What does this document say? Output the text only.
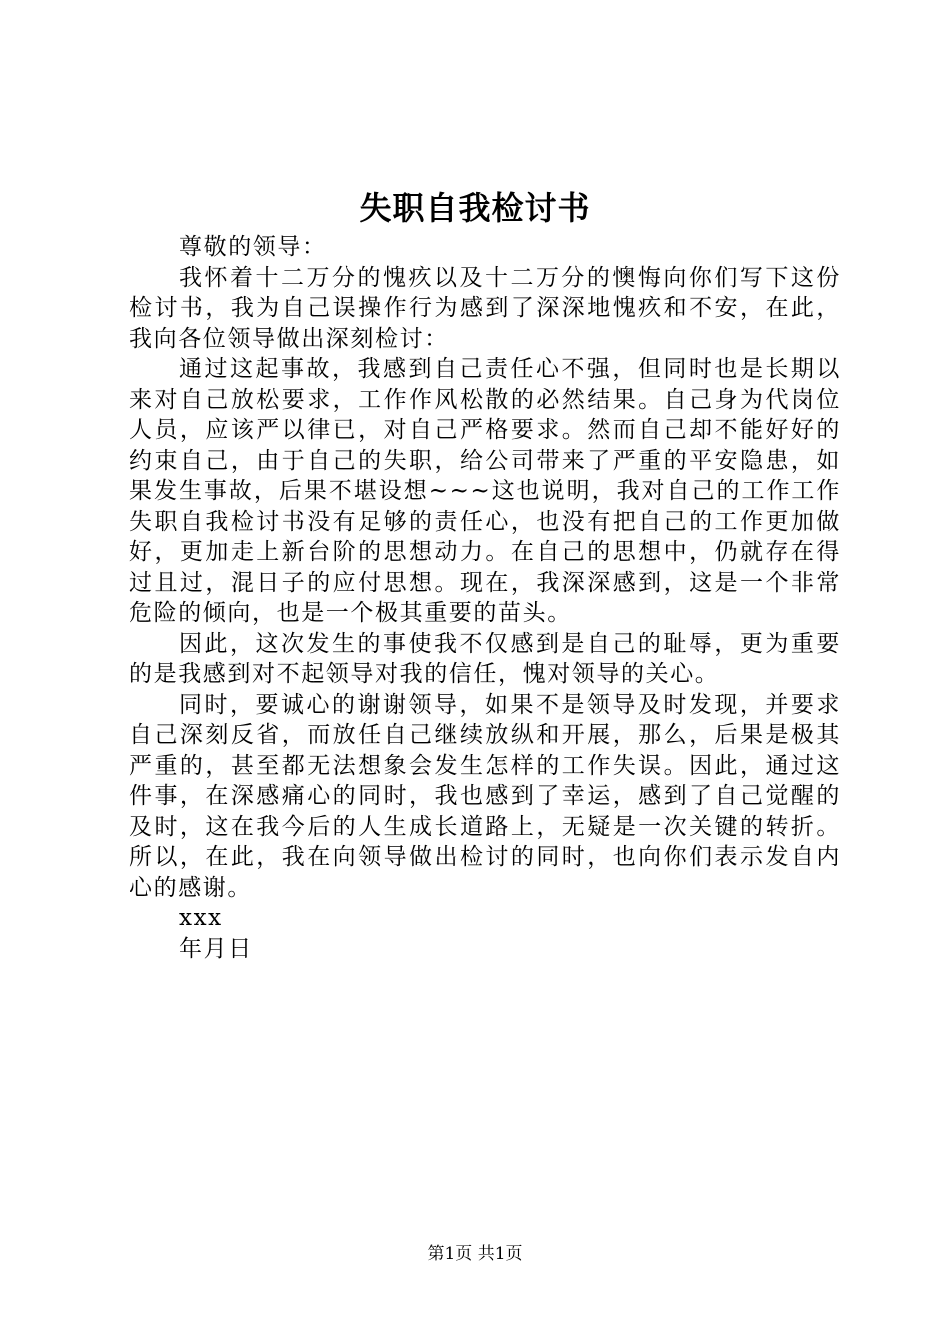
失职自我检讨书

尊敬的领导：

我怀着十二万分的愧疚以及十二万分的懊悔向你们写下这份检讨书，我为自己误操作行为感到了深深地愧疚和不安，在此，我向各位领导做出深刻检讨：

通过这起事故，我感到自己责任心不强，但同时也是长期以来对自己放松要求，工作作风松散的必然结果。自己身为代岗位人员，应该严以律已，对自己严格要求。然而自己却不能好好的约束自己，由于自己的失职，给公司带来了严重的平安隐患，如果发生事故，后果不堪设想~~~这也说明，我对自己的工作工作失职自我检讨书没有足够的责任心，也没有把自己的工作更加做好，更加走上新台阶的思想动力。在自己的思想中，仍就存在得过且过，混日子的应付思想。现在，我深深感到，这是一个非常危险的倾向，也是一个极其重要的苗头。

因此，这次发生的事使我不仅感到是自己的耻辱，更为重要的是我感到对不起领导对我的信任，愧对领导的关心。

同时，要诚心的谢谢领导，如果不是领导及时发现，并要求自己深刻反省，而放任自己继续放纵和开展，那么，后果是极其严重的，甚至都无法想象会发生怎样的工作失误。因此，通过这件事，在深感痛心的同时，我也感到了幸运，感到了自己觉醒的及时，这在我今后的人生成长道路上，无疑是一次关键的转折。所以，在此，我在向领导做出检讨的同时，也向你们表示发自内心的感谢。

xxx

年月日

第1页 共1页
